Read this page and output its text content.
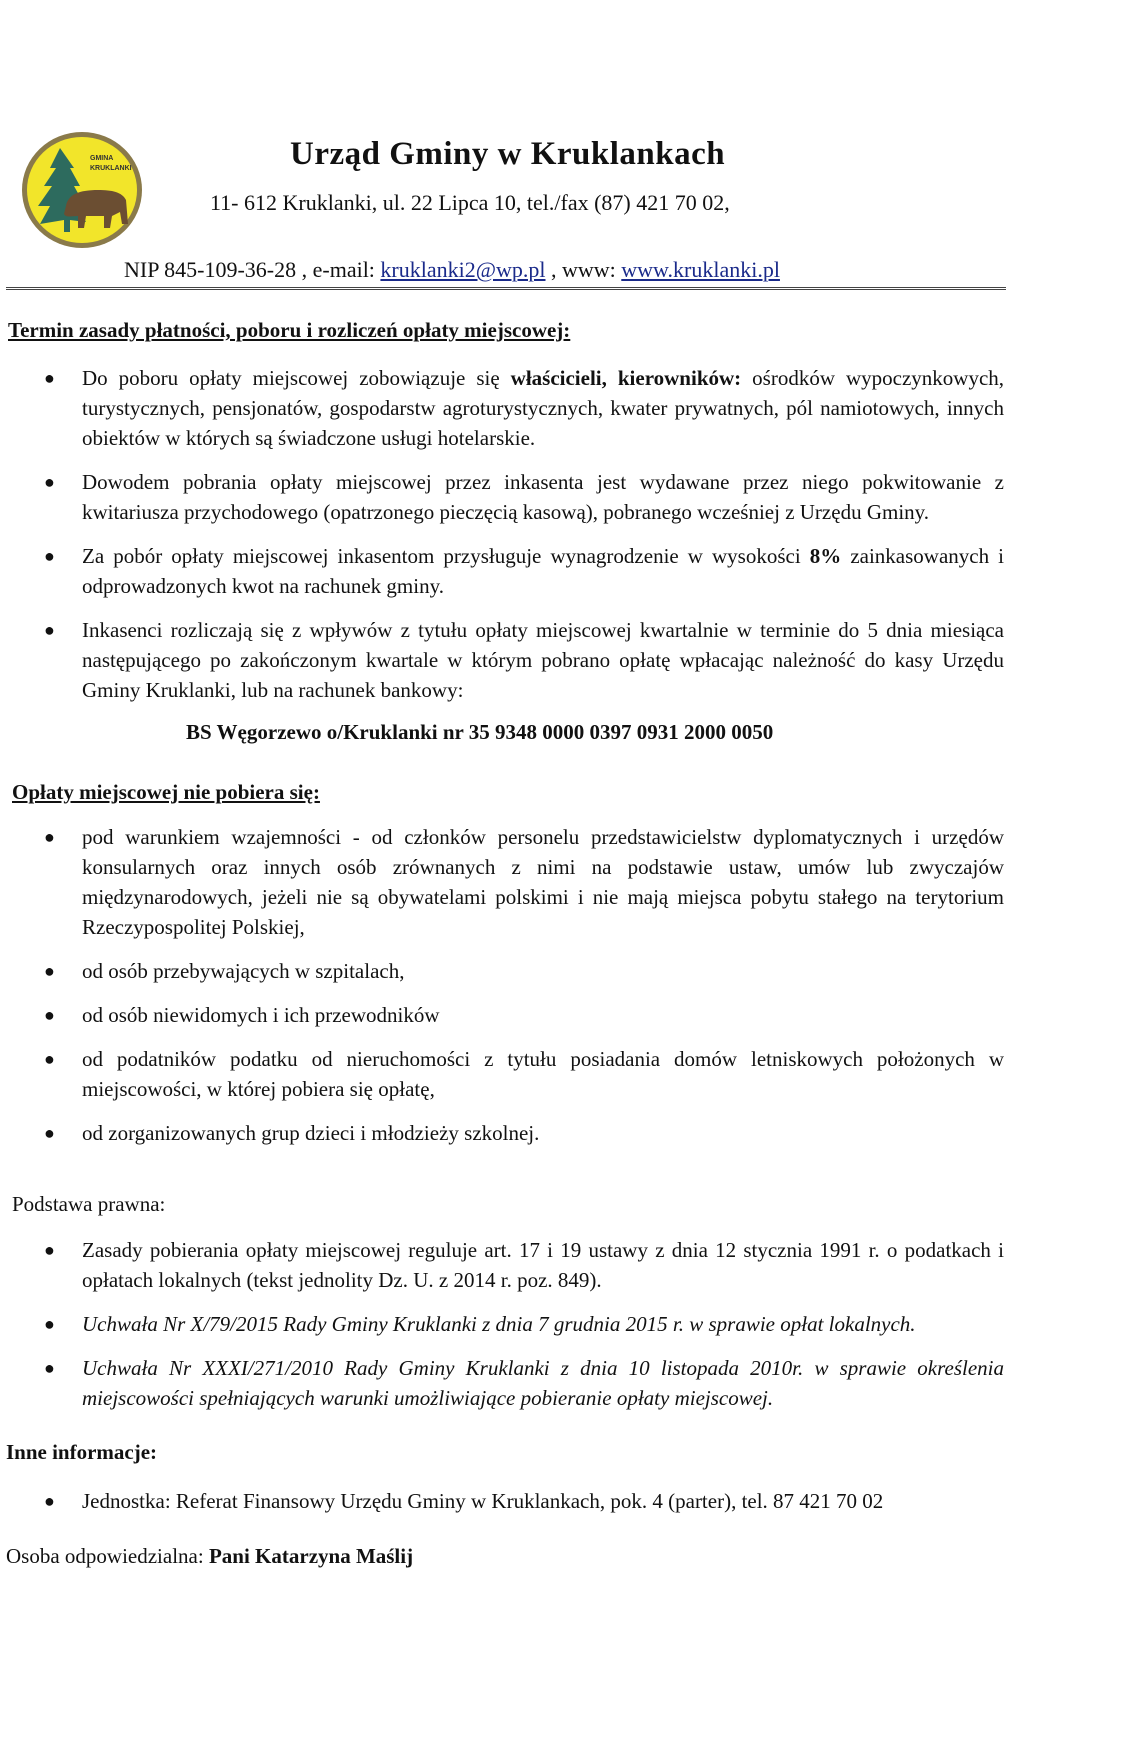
GMINA
KRUKLANKI	Urząd Gminy w Kruklankach
11- 612 Kruklanki, ul. 22 Lipca 10, tel./fax (87) 421 70 02,
NIP 845-109-36-28 , e-mail: kruklanki2@wp.pl , www: www.kruklanki.pl
Termin zasady płatności, poboru i rozliczeń opłaty miejscowej:
● Do poboru opłaty miejscowej zobowiązuje się właścicieli, kierowników: ośrodków wypoczynkowych, turystycznych, pensjonatów, gospodarstw agroturystycznych, kwater prywatnych, pól namiotowych, innych obiektów w których są świadczone usługi hotelarskie.
● Dowodem pobrania opłaty miejscowej przez inkasenta jest wydawane przez niego pokwitowanie z kwitariusza przychodowego (opatrzonego pieczęcią kasową), pobranego wcześniej z Urzędu Gminy.
● Za pobór opłaty miejscowej inkasentom przysługuje wynagrodzenie w wysokości 8% zainkasowanych i odprowadzonych kwot na rachunek gminy.
● Inkasenci rozliczają się z wpływów z tytułu opłaty miejscowej kwartalnie w terminie do 5 dnia miesiąca następującego po zakończonym kwartale w którym pobrano opłatę wpłacając należność do kasy Urzędu Gminy Kruklanki, lub na rachunek bankowy:
BS Węgorzewo o/Kruklanki nr 35 9348 0000 0397 0931 2000 0050
Opłaty miejscowej nie pobiera się:
● pod warunkiem wzajemności - od członków personelu przedstawicielstw dyplomatycznych i urzędów konsularnych oraz innych osób zrównanych z nimi na podstawie ustaw, umów lub zwyczajów międzynarodowych, jeżeli nie są obywatelami polskimi i nie mają miejsca pobytu stałego na terytorium Rzeczypospolitej Polskiej,
● od osób przebywających w szpitalach,
● od osób niewidomych i ich przewodników
● od podatników podatku od nieruchomości z tytułu posiadania domów letniskowych położonych w miejscowości, w której pobiera się opłatę,
● od zorganizowanych grup dzieci i młodzieży szkolnej.
Podstawa prawna:
● Zasady pobierania opłaty miejscowej reguluje art. 17 i 19 ustawy z dnia 12 stycznia 1991 r. o podatkach i opłatach lokalnych (tekst jednolity Dz. U. z 2014 r. poz. 849).
● Uchwała Nr X/79/2015 Rady Gminy Kruklanki z dnia 7 grudnia 2015 r. w sprawie opłat lokalnych.
● Uchwała Nr XXXI/271/2010 Rady Gminy Kruklanki z dnia 10 listopada 2010r. w sprawie określenia miejscowości spełniających warunki umożliwiające pobieranie opłaty miejscowej.
Inne informacje:
● Jednostka: Referat Finansowy Urzędu Gminy w Kruklankach, pok. 4 (parter), tel. 87 421 70 02
Osoba odpowiedzialna: Pani Katarzyna Maślij
